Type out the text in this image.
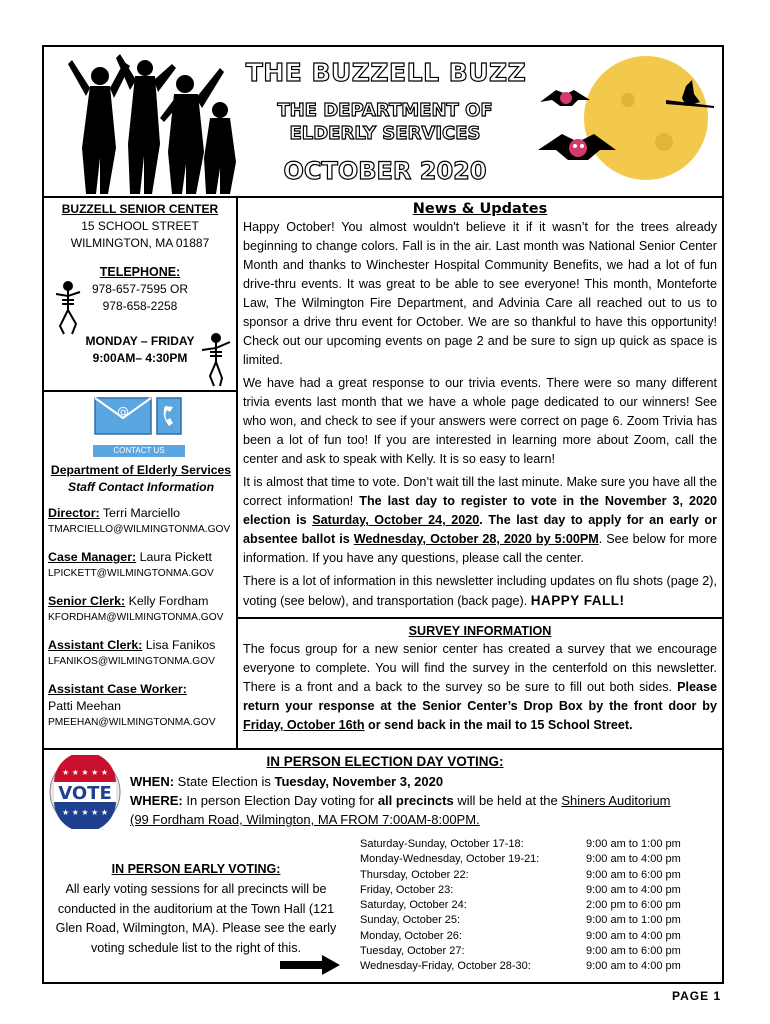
THE BUZZELL BUZZ
THE DEPARTMENT OF
ELDERLY SERVICES
OCTOBER 2020
BUZZELL SENIOR CENTER
15 SCHOOL STREET
WILMINGTON, MA 01887
TELEPHONE:
978-657-7595 OR
978-658-2258
MONDAY – FRIDAY
9:00AM– 4:30PM
@
CONTACT US
Department of Elderly Services
Staff Contact Information
Director: Terri Marciello
TMARCIELLO@WILMINGTONMA.GOV
Case Manager: Laura Pickett
LPICKETT@WILMINGTONMA.GOV
Senior Clerk: Kelly Fordham
KFORDHAM@WILMINGTONMA.GOV
Assistant Clerk: Lisa Fanikos
LFANIKOS@WILMINGTONMA.GOV
Assistant Case Worker:
Patti Meehan
PMEEHAN@WILMINGTONMA.GOV
News & Updates

Happy October! You almost wouldn't believe it if it wasn’t for the trees already beginning to change colors. Fall is in the air. Last month was National Senior Center Month and thanks to Winchester Hospital Community Benefits, we had a lot of fun drive-thru events. It was great to be able to see everyone! This month, Monteforte Law, The Wilmington Fire Department, and Advinia Care all reached out to us to sponsor a drive thru event for October. We are so thankful to have this opportunity! Check out our upcoming events on page 2 and be sure to sign up quick as space is limited.

We have had a great response to our trivia events. There were so many different trivia events last month that we have a whole page dedicated to our winners! See who won, and check to see if your answers were correct on page 6. Zoom Trivia has been a lot of fun too! If you are interested in learning more about Zoom, call the center and ask to speak with Kelly. It is so easy to learn!

It is almost that time to vote. Don’t wait till the last minute. Make sure you have all the correct information! The last day to register to vote in the November 3, 2020 election is Saturday, October 24, 2020. The last day to apply for an early or absentee ballot is Wednesday, October 28, 2020 by 5:00PM. See below for more information. If you have any questions, please call the center.

There is a lot of information in this newsletter including updates on flu shots (page 2), voting (see below), and transportation (back page). HAPPY FALL!

SURVEY INFORMATION
The focus group for a new senior center has created a survey that we encourage everyone to complete. You will find the survey in the centerfold on this newsletter. There is a front and a back to the survey so be sure to fill out both sides. Please return your response at the Senior Center’s Drop Box by the front door by Friday, October 16th or send back in the mail to 15 School Street.
VOTE
★ ★ ★ ★ ★
★ ★ ★ ★ ★
IN PERSON ELECTION DAY VOTING:
WHEN: State Election is Tuesday, November 3, 2020
WHERE: In person Election Day voting for all precincts will be held at the Shiners Auditorium
(99 Fordham Road, Wilmington, MA FROM 7:00AM-8:00PM.
IN PERSON EARLY VOTING:
All early voting sessions for all precincts will be conducted in the auditorium at the Town Hall (121 Glen Road, Wilmington, MA). Please see the early voting schedule list to the right of this.
Saturday-Sunday, October 17-18:	9:00 am to 1:00 pm
Monday-Wednesday, October 19-21:	9:00 am to 4:00 pm
Thursday, October 22:	9:00 am to 6:00 pm
Friday, October 23:	9:00 am to 4:00 pm
Saturday, October 24:	2:00 pm to 6:00 pm
Sunday, October 25:	9:00 am to 1:00 pm
Monday, October 26:	9:00 am to 4:00 pm
Tuesday, October 27:	9:00 am to 6:00 pm
Wednesday-Friday, October 28-30:	9:00 am to 4:00 pm
PAGE 1
